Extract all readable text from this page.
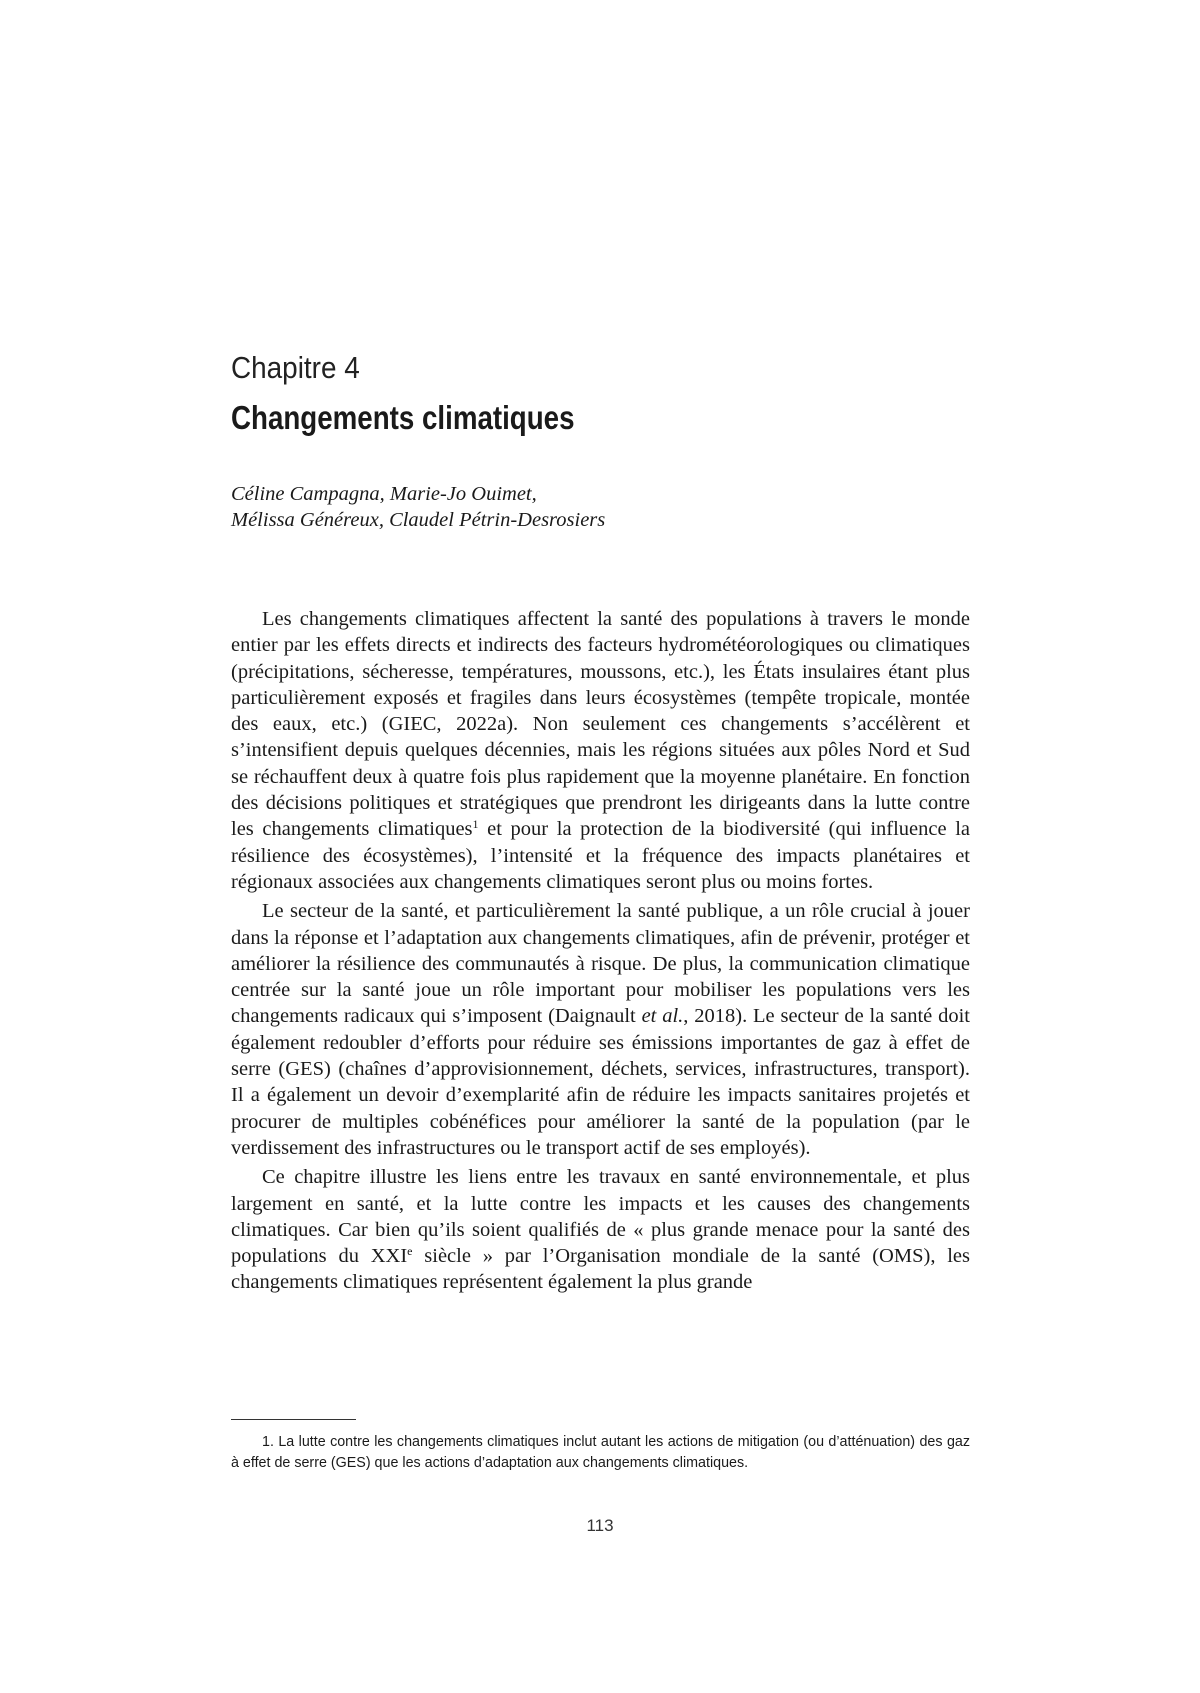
Chapitre 4
Changements climatiques
Céline Campagna, Marie-Jo Ouimet,
Mélissa Généreux, Claudel Pétrin-Desrosiers

Les changements climatiques affectent la santé des populations à travers le monde entier par les effets directs et indirects des facteurs hydrométéorologiques ou climatiques (précipitations, sécheresse, températures, moussons, etc.), les États insulaires étant plus particulièrement exposés et fragiles dans leurs écosystèmes (tempête tropicale, montée des eaux, etc.) (GIEC, 2022a). Non seulement ces changements s’accélèrent et s’intensifient depuis quelques décennies, mais les régions situées aux pôles Nord et Sud se réchauffent deux à quatre fois plus rapidement que la moyenne planétaire. En fonction des décisions politiques et stratégiques que prendront les dirigeants dans la lutte contre les changements climatiques$^1$ et pour la protection de la biodiversité (qui influence la résilience des écosystèmes), l’intensité et la fréquence des impacts planétaires et régionaux associées aux changements climatiques seront plus ou moins fortes.

Le secteur de la santé, et particulièrement la santé publique, a un rôle crucial à jouer dans la réponse et l’adaptation aux changements climatiques, afin de prévenir, protéger et améliorer la résilience des communautés à risque. De plus, la communication climatique centrée sur la santé joue un rôle important pour mobiliser les populations vers les changements radicaux qui s’imposent (Daignault et al., 2018). Le secteur de la santé doit également redoubler d’efforts pour réduire ses émissions importantes de gaz à effet de serre (GES) (chaînes d’approvisionnement, déchets, services, infrastructures, transport). Il a également un devoir d’exemplarité afin de réduire les impacts sanitaires projetés et procurer de multiples cobénéfices pour améliorer la santé de la population (par le verdissement des infrastructures ou le transport actif de ses employés).

Ce chapitre illustre les liens entre les travaux en santé environnementale, et plus largement en santé, et la lutte contre les impacts et les causes des changements climatiques. Car bien qu’ils soient qualifiés de « plus grande menace pour la santé des populations du XXIe siècle » par l’Organisation mondiale de la santé (OMS), les changements climatiques représentent également la plus grande

1. La lutte contre les changements climatiques inclut autant les actions de mitigation (ou d’atténuation) des gaz à effet de serre (GES) que les actions d’adaptation aux changements climatiques.
113
